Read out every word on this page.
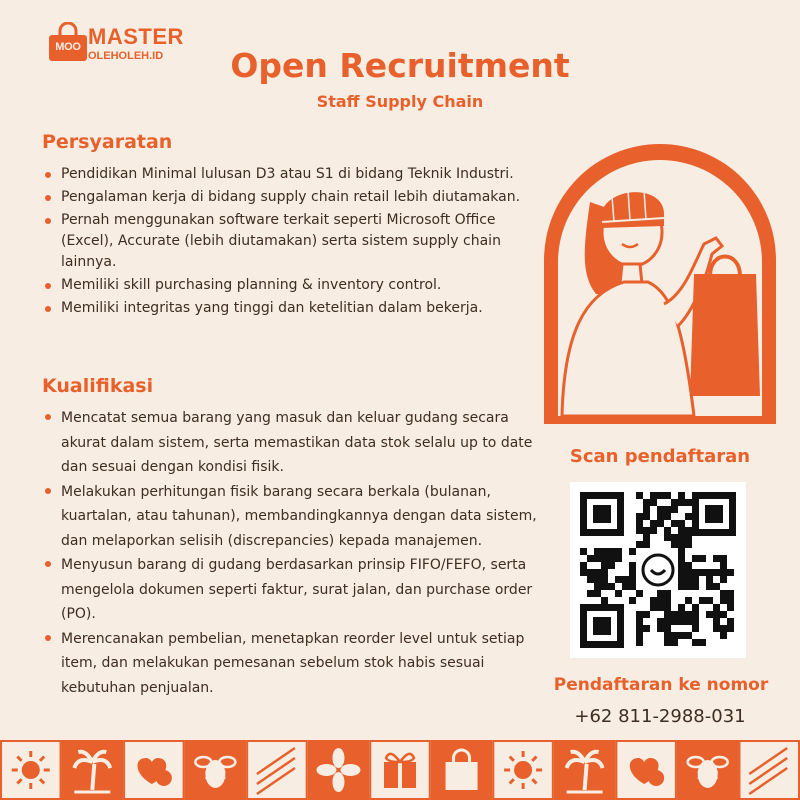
MOO MASTER
OLEHOLEH.ID	Open Recruitment
Staff Supply Chain
Persyaratan
Pendidikan Minimal lulusan D3 atau S1 di bidang Teknik Industri.
Pengalaman kerja di bidang supply chain retail lebih diutamakan.
Pernah menggunakan software terkait seperti Microsoft Office (Excel), Accurate (lebih diutamakan) serta sistem supply chain lainnya.
Memiliki skill purchasing planning & inventory control.
Memiliki integritas yang tinggi dan ketelitian dalam bekerja.
Kualifikasi
Mencatat semua barang yang masuk dan keluar gudang secara akurat dalam sistem, serta memastikan data stok selalu up to date dan sesuai dengan kondisi fisik.
Melakukan perhitungan fisik barang secara berkala (bulanan, kuartalan, atau tahunan), membandingkannya dengan data sistem, dan melaporkan selisih (discrepancies) kepada manajemen.
Menyusun barang di gudang berdasarkan prinsip FIFO/FEFO, serta mengelola dokumen seperti faktur, surat jalan, dan purchase order (PO).
Merencanakan pembelian, menetapkan reorder level untuk setiap item, dan melakukan pemesanan sebelum stok habis sesuai kebutuhan penjualan.
Scan pendaftaran
Pendaftaran ke nomor
+62 811-2988-031
